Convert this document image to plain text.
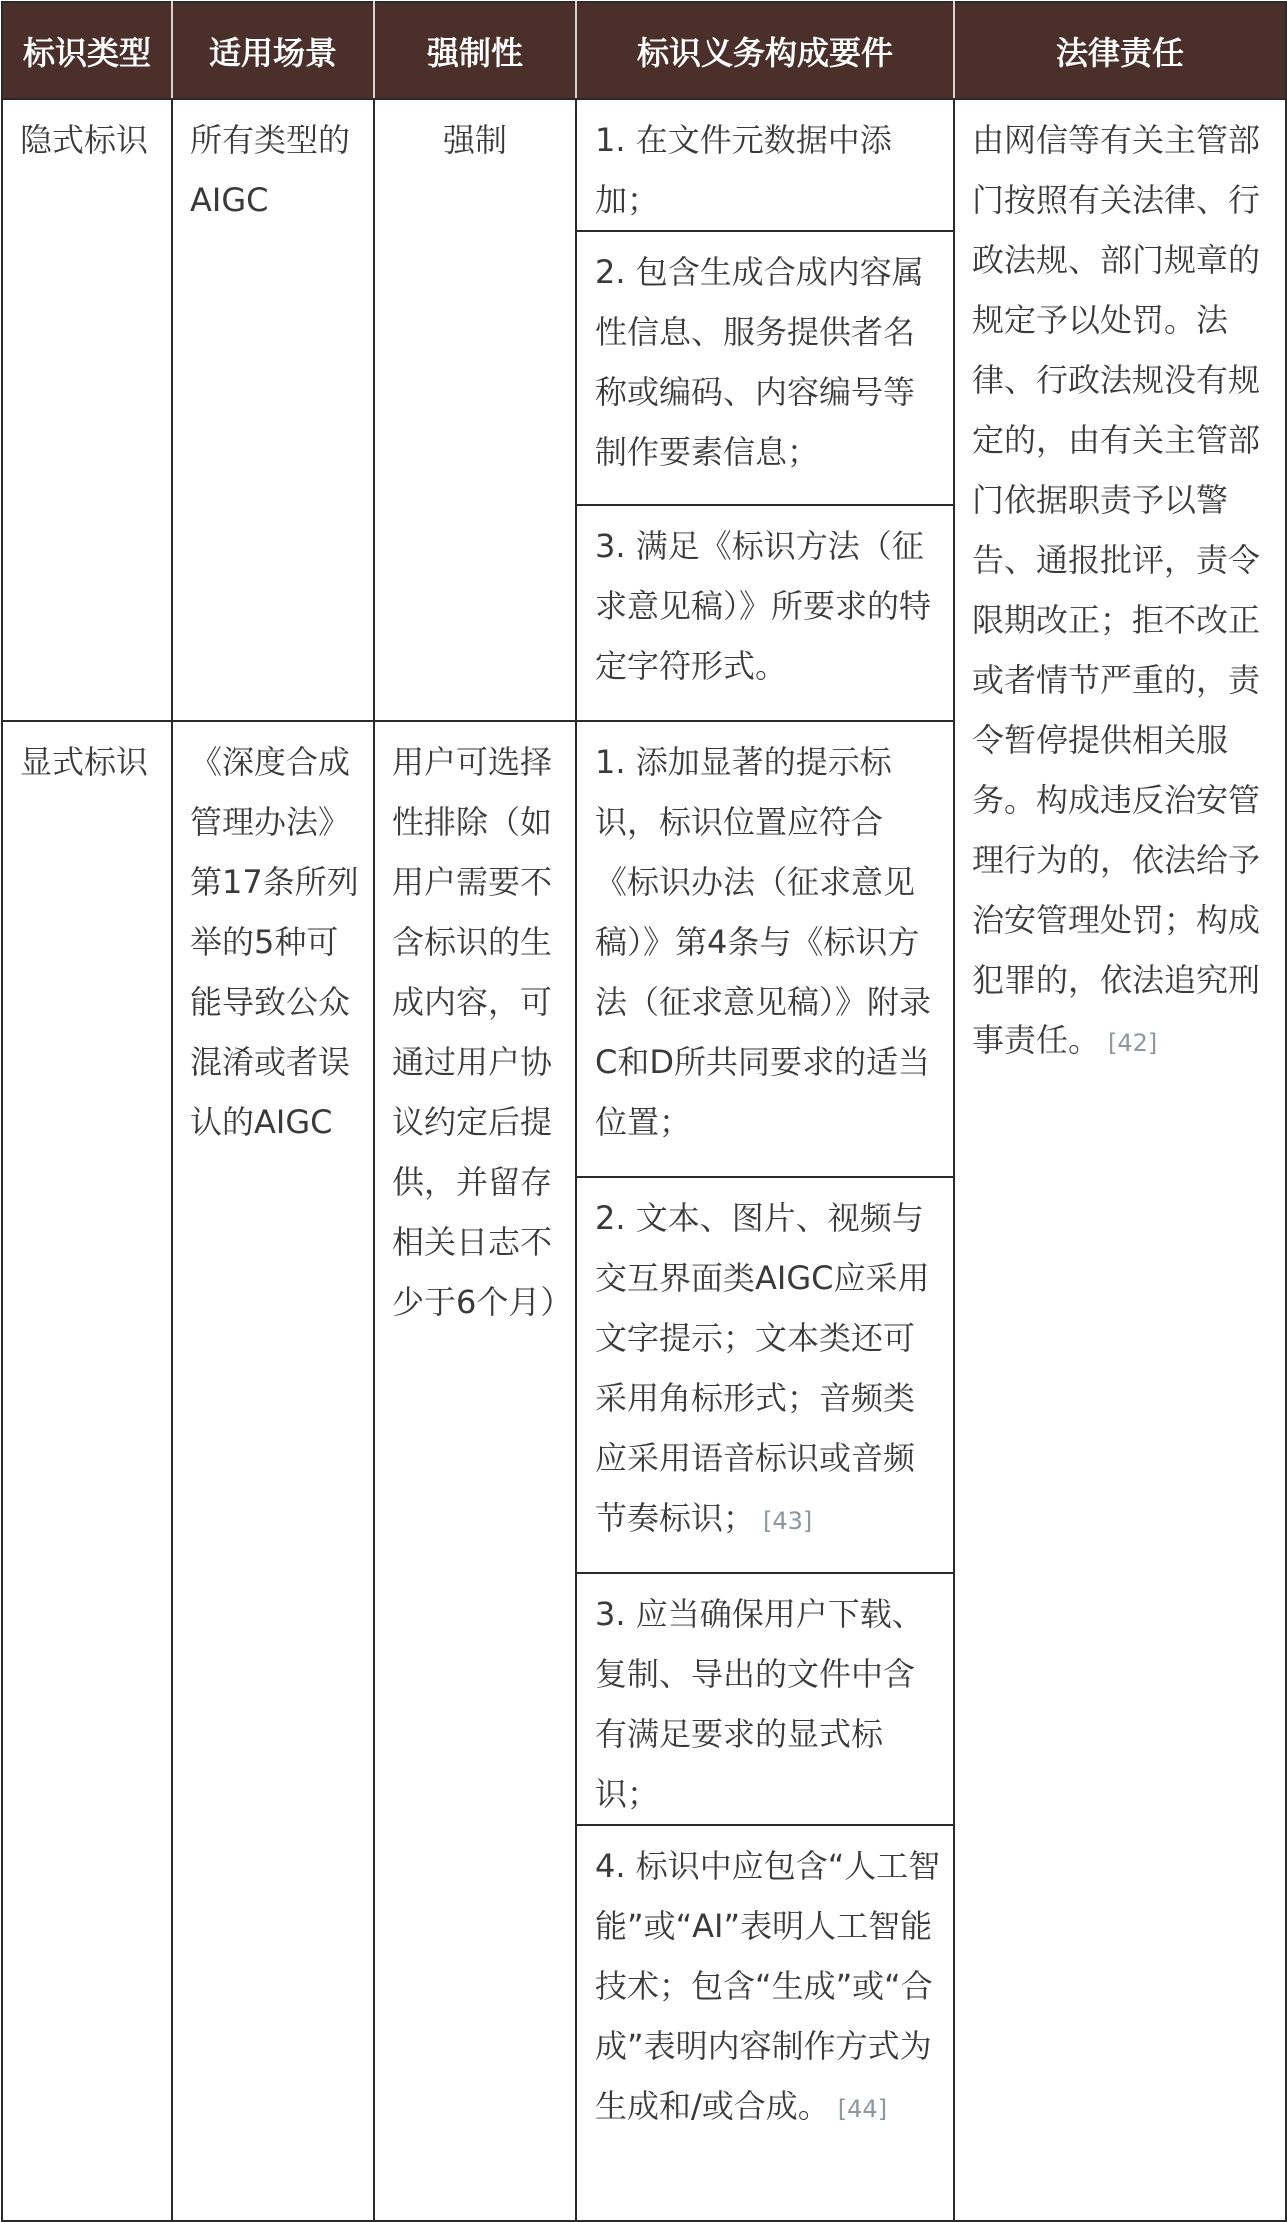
标识类型	适用场景	强制性	标识义务构成要件	法律责任
隐式标识	所有类型的AIGC	强制	1. 在文件元数据中添加；	由网信等有关主管部门按照有关法律、行政法规、部门规章的规定予以处罚。法律、行政法规没有规定的，由有关主管部门依据职责予以警告、通报批评，责令限期改正；拒不改正或者情节严重的，责令暂停提供相关服务。构成违反治安管理行为的，依法给予治安管理处罚；构成犯罪的，依法追究刑事责任。 [42]
			2. 包含生成合成内容属性信息、服务提供者名称或编码、内容编号等制作要素信息；	
			3. 满足《标识方法（征求意见稿）》所要求的特定字符形式。	
显式标识	《深度合成管理办法》第17条所列举的5种可能导致公众混淆或者误认的AIGC	用户可选择性排除（如用户需要不含标识的生成内容，可通过用户协议约定后提供，并留存相关日志不少于6个月）	1. 添加显著的提示标识，标识位置应符合《标识办法（征求意见稿）》第4条与《标识方法（征求意见稿）》附录C和D所共同要求的适当位置；	
			2. 文本、图片、视频与交互界面类AIGC应采用文字提示；文本类还可采用角标形式；音频类应采用语音标识或音频节奏标识； [43]	
			3. 应当确保用户下载、复制、导出的文件中含有满足要求的显式标识；	
			4. 标识中应包含“人工智能”或“AI”表明人工智能技术；包含“生成”或“合成”表明内容制作方式为生成和/或合成。 [44]	
